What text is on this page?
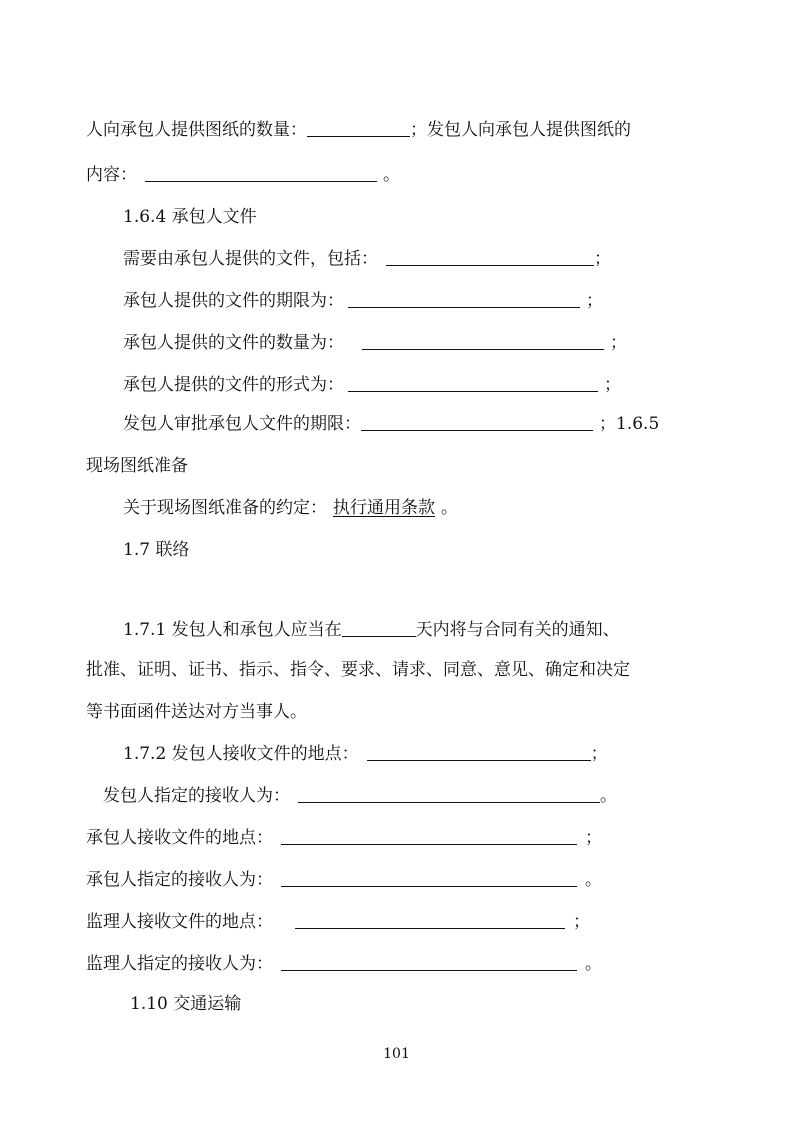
人向承包人提供图纸的数量：	；发包人向承包人提供图纸的
内容：	。
1.6.4 承包人文件
需要由承包人提供的文件，包括：	；
承包人提供的文件的期限为：	；
承包人提供的文件的数量为：	；
承包人提供的文件的形式为：	；
发包人审批承包人文件的期限：	；1.6.5
现场图纸准备
关于现场图纸准备的约定： 执行通用条款 。
1.7 联络
1.7.1 发包人和承包人应当在	天内将与合同有关的通知、
批准、证明、证书、指示、指令、要求、请求、同意、意见、确定和决定
等书面函件送达对方当事人。
1.7.2 发包人接收文件的地点：	；
发包人指定的接收人为：	。
承包人接收文件的地点：	；
承包人指定的接收人为：	。
监理人接收文件的地点：	；
监理人指定的接收人为：	。
1.10 交通运输
101
